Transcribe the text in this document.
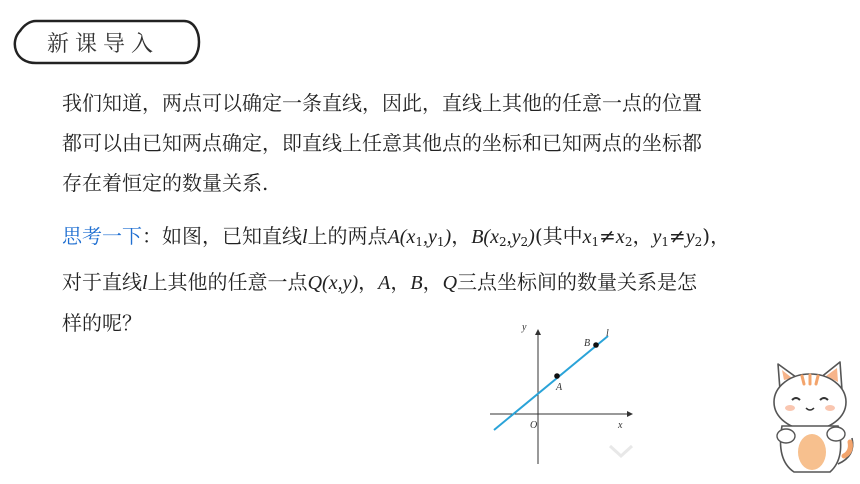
新课导入
我们知道，两点可以确定一条直线，因此，直线上其他的任意一点的位置
都可以由已知两点确定，即直线上任意其他点的坐标和已知两点的坐标都
存在着恒定的数量关系.
思考一下：如图，已知直线l上的两点$A(x_1,y_1)$，$B(x_2,y_2)$(其中$x_1\ne x_2$，$y_1\ne y_2$)，
对于直线l上其他的任意一点Q(x,y)，A，B，Q三点坐标间的数量关系是怎
样的呢？	y
x
O
A
B
l
